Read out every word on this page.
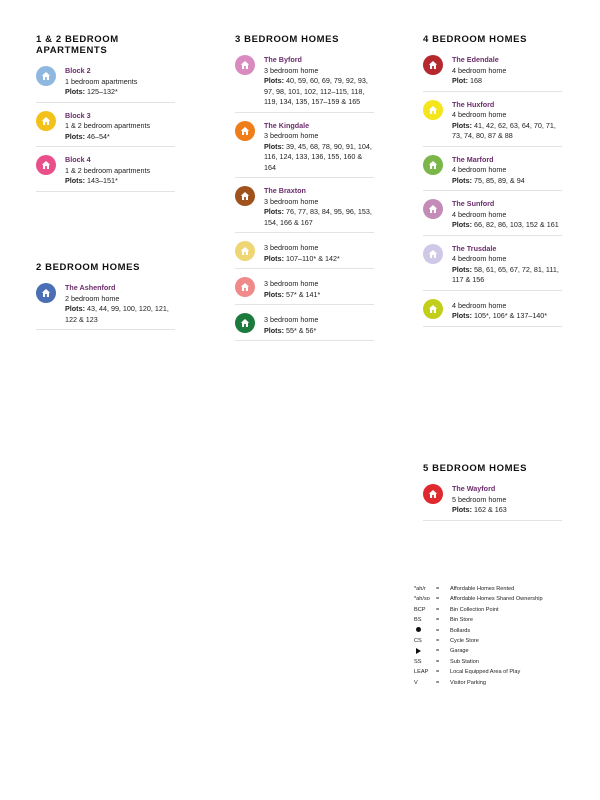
1 & 2 BEDROOM APARTMENTS
Block 2
1 bedroom apartments
Plots: 125–132*
Block 3
1 & 2 bedroom apartments
Plots: 46–54*
Block 4
1 & 2 bedroom apartments
Plots: 143–151*
2 BEDROOM HOMES
The Ashenford
2 bedroom home
Plots: 43, 44, 99, 100, 120, 121, 122 & 123
3 BEDROOM HOMES
The Byford
3 bedroom home
Plots: 40, 59, 60, 69, 79, 92, 93, 97, 98, 101, 102, 112–115, 118, 119, 134, 135, 157–159 & 165
The Kingdale
3 bedroom home
Plots: 39, 45, 68, 78, 90, 91, 104, 116, 124, 133, 136, 155, 160 & 164
The Braxton
3 bedroom home
Plots: 76, 77, 83, 84, 95, 96, 153, 154, 166 & 167
3 bedroom home
Plots: 107–110* & 142*
3 bedroom home
Plots: 57* & 141*
3 bedroom home
Plots: 55* & 56*
4 BEDROOM HOMES
The Edendale
4 bedroom home
Plot: 168
The Huxford
4 bedroom home
Plots: 41, 42, 62, 63, 64, 70, 71, 73, 74, 80, 87 & 88
The Marford
4 bedroom home
Plots: 75, 85, 89, & 94
The Sunford
4 bedroom home
Plots: 66, 82, 86, 103, 152 & 161
The Trusdale
4 bedroom home
Plots: 58, 61, 65, 67, 72, 81, 111, 117 & 156
4 bedroom home
Plots: 105*, 106* & 137–140*
5 BEDROOM HOMES
The Wayford
5 bedroom home
Plots: 162 & 163
*ah/r	=	Affordable Homes Rented
*ah/so	=	Affordable Homes Shared Ownership
BCP	=	Bin Collection Point
BS	=	Bin Store
=	Bollards
CS	=	Cycle Store
=	Garage
SS	=	Sub Station
LEAP	=	Local Equipped Area of Play
V	=	Visitor Parking
